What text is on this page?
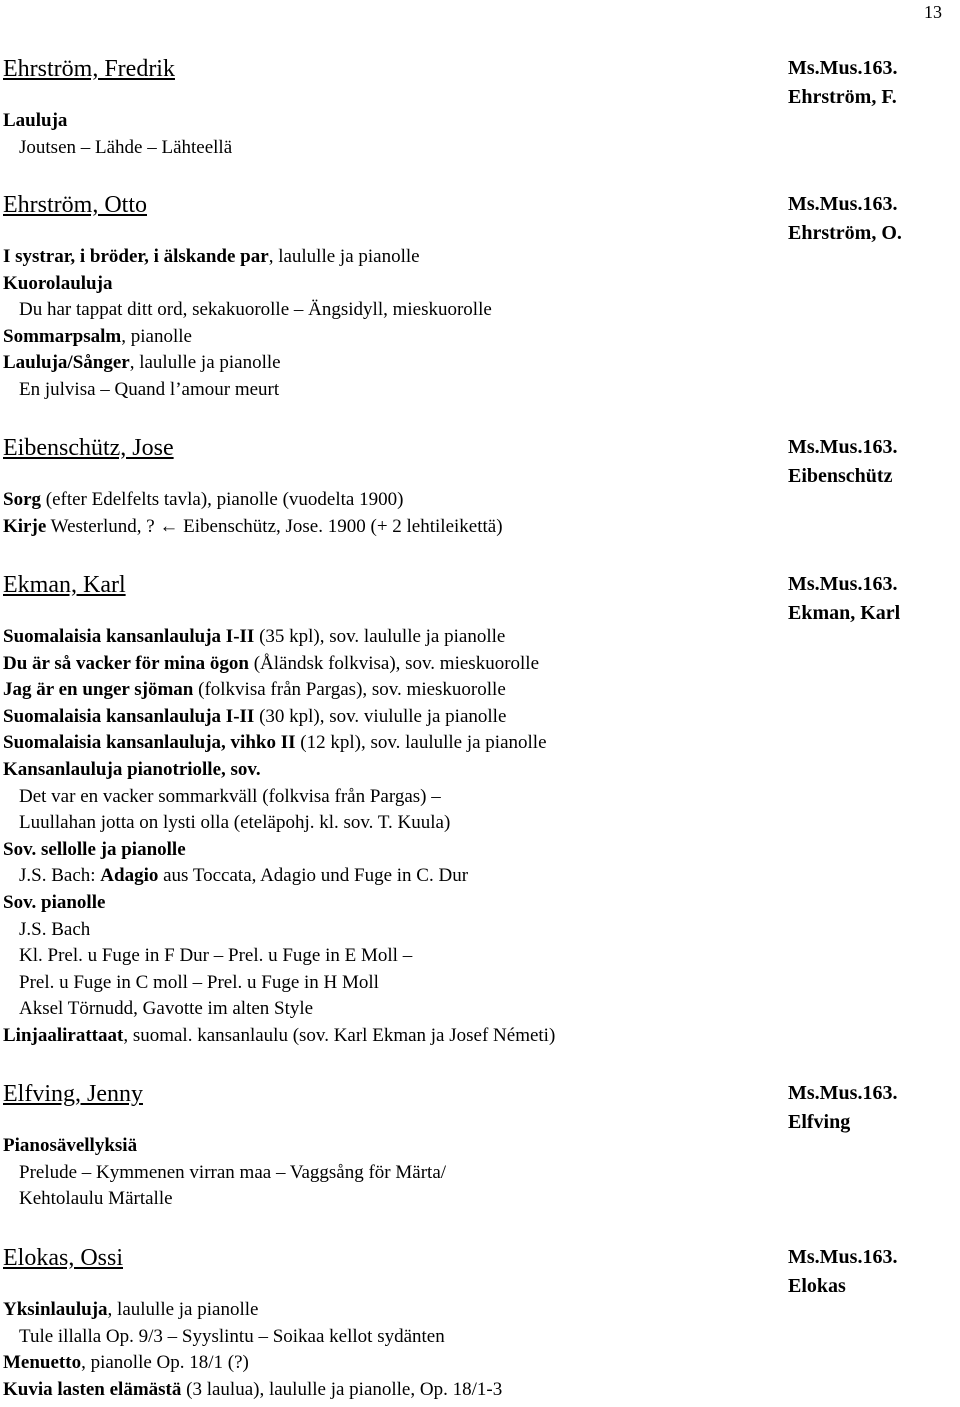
13
Ehrström, Fredrik	Ms.Mus.163.
Ehrström, F.
Lauluja
Joutsen – Lähde – Lähteellä
Ehrström, Otto	Ms.Mus.163.
Ehrström, O.
I systrar, i bröder, i älskande par, laululle ja pianolle
Kuorolauluja
Du har tappat ditt ord, sekakuorolle – Ängsidyll, mieskuorolle
Sommarpsalm, pianolle
Lauluja/Sånger, laululle ja pianolle
En julvisa – Quand l’amour meurt
Eibenschütz, Jose	Ms.Mus.163.
Eibenschütz
Sorg (efter Edelfelts tavla), pianolle (vuodelta 1900)
Kirje Westerlund, ? ← Eibenschütz, Jose. 1900 (+ 2 lehtileikettä)
Ekman, Karl	Ms.Mus.163.
Ekman, Karl
Suomalaisia kansanlauluja I-II (35 kpl), sov. laululle ja pianolle
Du är så vacker för mina ögon (Åländsk folkvisa), sov. mieskuorolle
Jag är en unger sjöman (folkvisa från Pargas), sov. mieskuorolle
Suomalaisia kansanlauluja I-II (30 kpl), sov. viululle ja pianolle
Suomalaisia kansanlauluja, vihko II (12 kpl), sov. laululle ja pianolle
Kansanlauluja pianotriolle, sov.
Det var en vacker sommarkväll (folkvisa från Pargas) –
Luullahan jotta on lysti olla (eteläpohj. kl. sov. T. Kuula)
Sov. sellolle ja pianolle
J.S. Bach: Adagio aus Toccata, Adagio und Fuge in C. Dur
Sov. pianolle
J.S. Bach
Kl. Prel. u Fuge in F Dur – Prel. u Fuge in E Moll –
Prel. u Fuge in C moll – Prel. u Fuge in H Moll
Aksel Törnudd, Gavotte im alten Style
Linjaalirattaat, suomal. kansanlaulu (sov. Karl Ekman ja Josef Németi)
Elfving, Jenny	Ms.Mus.163.
Elfving
Pianosävellyksiä
Prelude – Kymmenen virran maa – Vaggsång för Märta/
Kehtolaulu Märtalle
Elokas, Ossi	Ms.Mus.163.
Elokas
Yksinlauluja, laululle ja pianolle
Tule illalla Op. 9/3 – Syyslintu – Soikaa kellot sydänten
Menuetto, pianolle Op. 18/1 (?)
Kuvia lasten elämästä (3 laulua), laululle ja pianolle, Op. 18/1-3
